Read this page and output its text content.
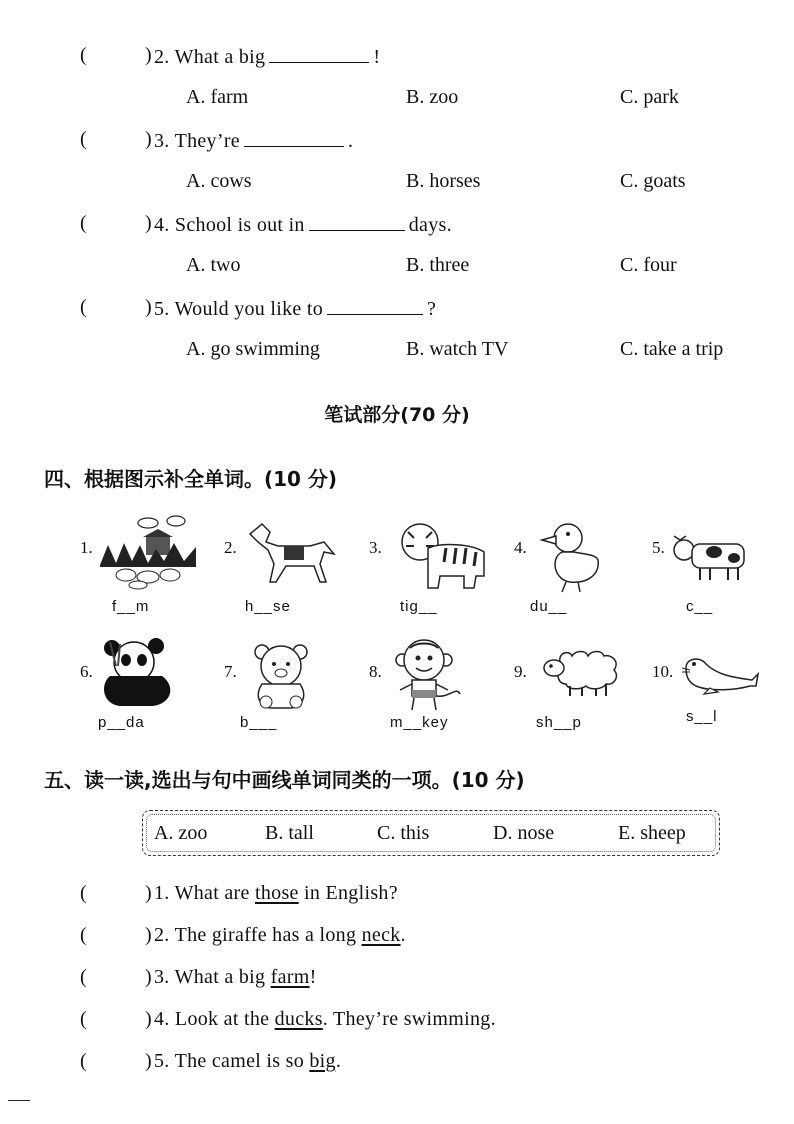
(	) 2. What a big	!
A. farm	B. zoo	C. park
(	) 3. They’re	.
A. cows	B. horses	C. goats
(	) 4. School is out in	days.
A. two	B. three	C. four
(	) 5. Would you like to	?
A. go swimming	B. watch TV	C. take a trip
笔试部分(70 分)
四、根据图示补全单词。(10 分)
1.
f__m
2.
h__se
3.
tig__
4.
du__
5.
c__
6.
p__da
7.
b___
8.
m__key
9.
sh__p
10.
s__l
五、读一读,选出与句中画线单词同类的一项。(10 分)
A. zoo	B. tall	C. this	D. nose	E. sheep
(	) 1. What are those in English?
(	) 2. The giraffe has a long neck.
(	) 3. What a big farm!
(	) 4. Look at the ducks. They’re swimming.
(	) 5. The camel is so big.
